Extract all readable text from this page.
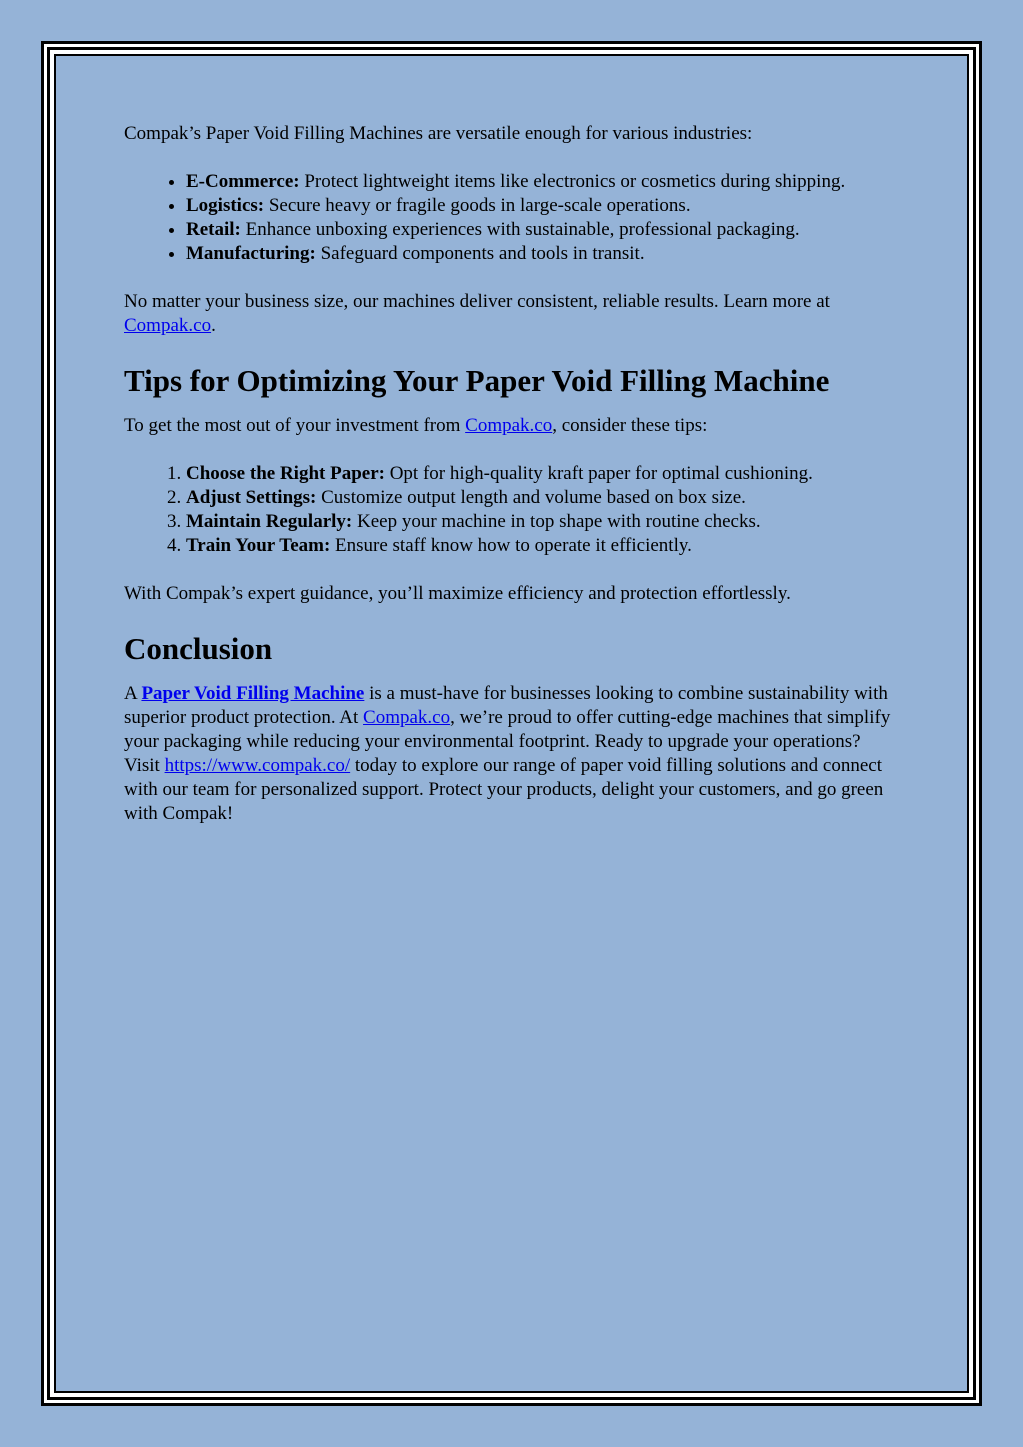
Compak’s Paper Void Filling Machines are versatile enough for various industries:

• E-Commerce: Protect lightweight items like electronics or cosmetics during shipping.
• Logistics: Secure heavy or fragile goods in large-scale operations.
• Retail: Enhance unboxing experiences with sustainable, professional packaging.
• Manufacturing: Safeguard components and tools in transit.

No matter your business size, our machines deliver consistent, reliable results. Learn more at Compak.co.

Tips for Optimizing Your Paper Void Filling Machine

To get the most out of your investment from Compak.co, consider these tips:

1. Choose the Right Paper: Opt for high-quality kraft paper for optimal cushioning.
2. Adjust Settings: Customize output length and volume based on box size.
3. Maintain Regularly: Keep your machine in top shape with routine checks.
4. Train Your Team: Ensure staff know how to operate it efficiently.

With Compak’s expert guidance, you’ll maximize efficiency and protection effortlessly.

Conclusion

A Paper Void Filling Machine is a must-have for businesses looking to combine sustainability with superior product protection. At Compak.co, we’re proud to offer cutting-edge machines that simplify your packaging while reducing your environmental footprint. Ready to upgrade your operations? Visit https://www.compak.co/ today to explore our range of paper void filling solutions and connect with our team for personalized support. Protect your products, delight your customers, and go green with Compak!
